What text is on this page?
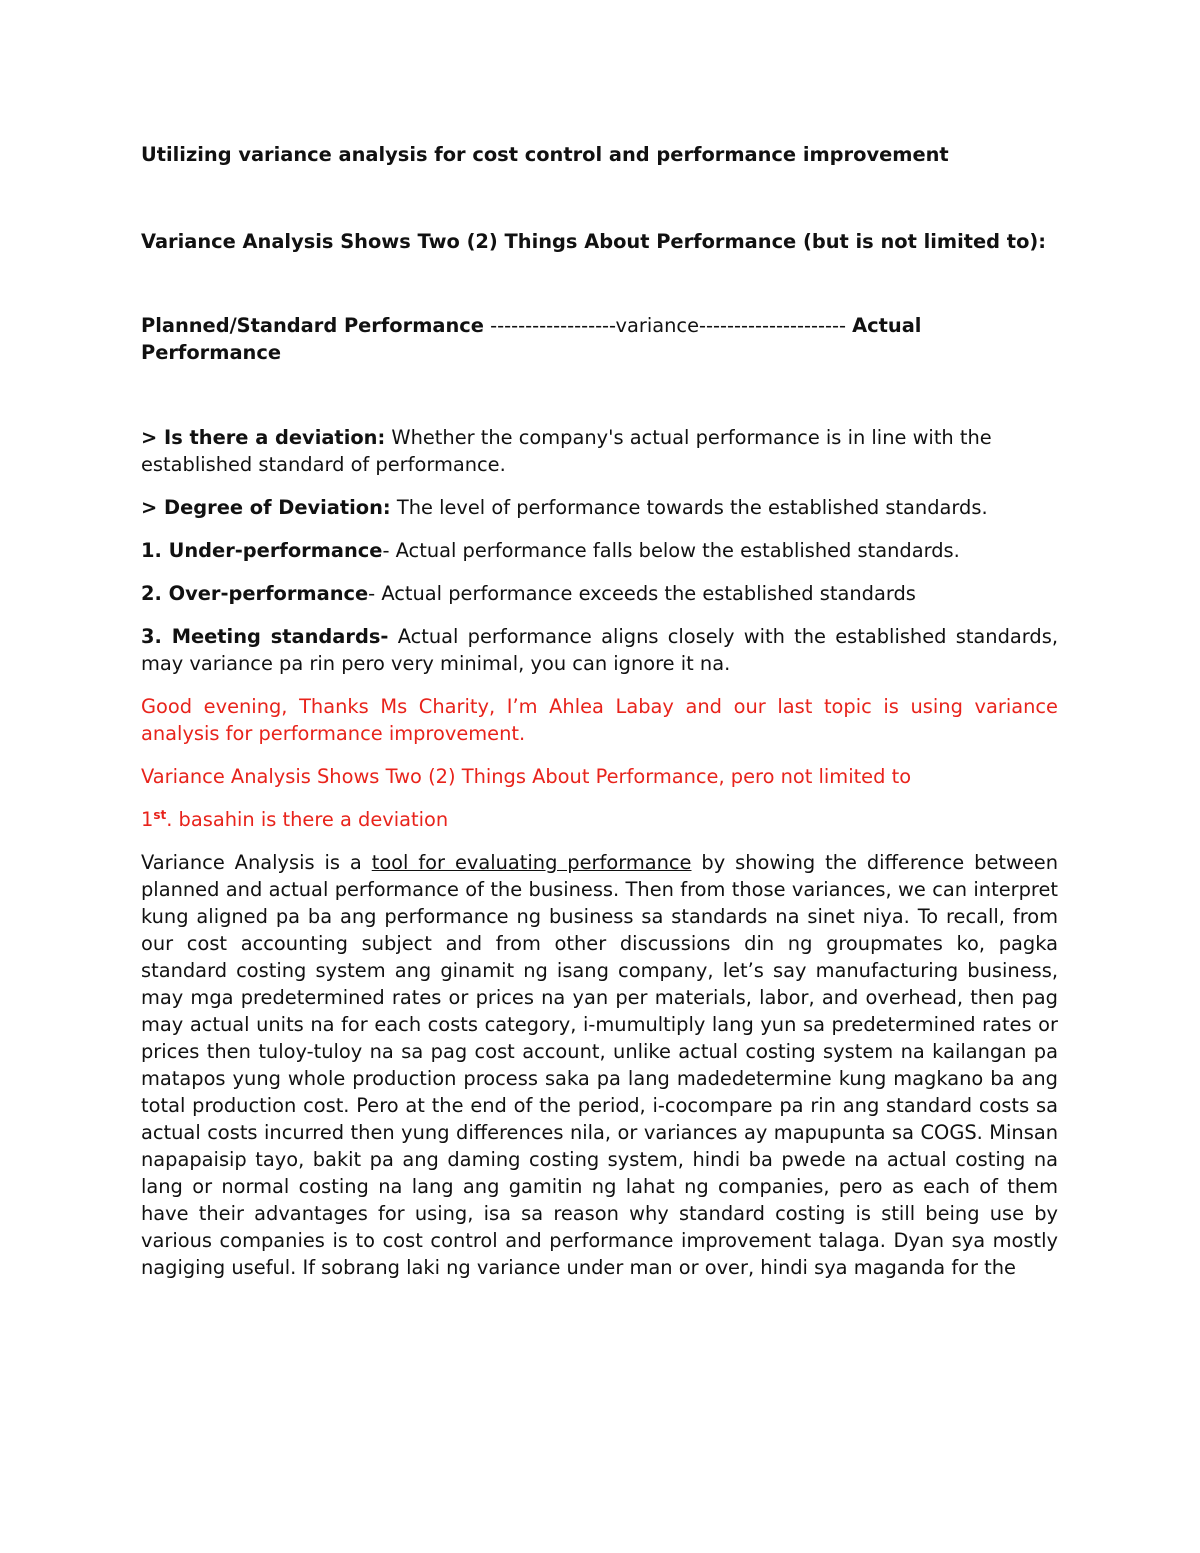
Utilizing variance analysis for cost control and performance improvement

Variance Analysis Shows Two (2) Things About Performance (but is not limited to):

Planned/Standard Performance ------------------variance--------------------- Actual Performance

> Is there a deviation: Whether the company's actual performance is in line with the established standard of performance.

> Degree of Deviation: The level of performance towards the established standards.

1. Under-performance- Actual performance falls below the established standards.

2. Over-performance- Actual performance exceeds the established standards

3. Meeting standards- Actual performance aligns closely with the established standards, may variance pa rin pero very minimal, you can ignore it na.

Good evening, Thanks Ms Charity, I’m Ahlea Labay and our last topic is using variance analysis for performance improvement.

Variance Analysis Shows Two (2) Things About Performance, pero not limited to

1st. basahin is there a deviation

Variance Analysis is a tool for evaluating performance by showing the difference between planned and actual performance of the business. Then from those variances, we can interpret kung aligned pa ba ang performance ng business sa standards na sinet niya. To recall, from our cost accounting subject and from other discussions din ng groupmates ko, pagka standard costing system ang ginamit ng isang company, let’s say manufacturing business, may mga predetermined rates or prices na yan per materials, labor, and overhead, then pag may actual units na for each costs category, i-mumultiply lang yun sa predetermined rates or prices then tuloy-tuloy na sa pag cost account, unlike actual costing system na kailangan pa matapos yung whole production process saka pa lang madedetermine kung magkano ba ang total production cost. Pero at the end of the period, i-cocompare pa rin ang standard costs sa actual costs incurred then yung differences nila, or variances ay mapupunta sa COGS. Minsan napapaisip tayo, bakit pa ang daming costing system, hindi ba pwede na actual costing na lang or normal costing na lang ang gamitin ng lahat ng companies, pero as each of them have their advantages for using, isa sa reason why standard costing is still being use by various companies is to cost control and performance improvement talaga. Dyan sya mostly nagiging useful. If sobrang laki ng variance under man or over, hindi sya maganda for the
